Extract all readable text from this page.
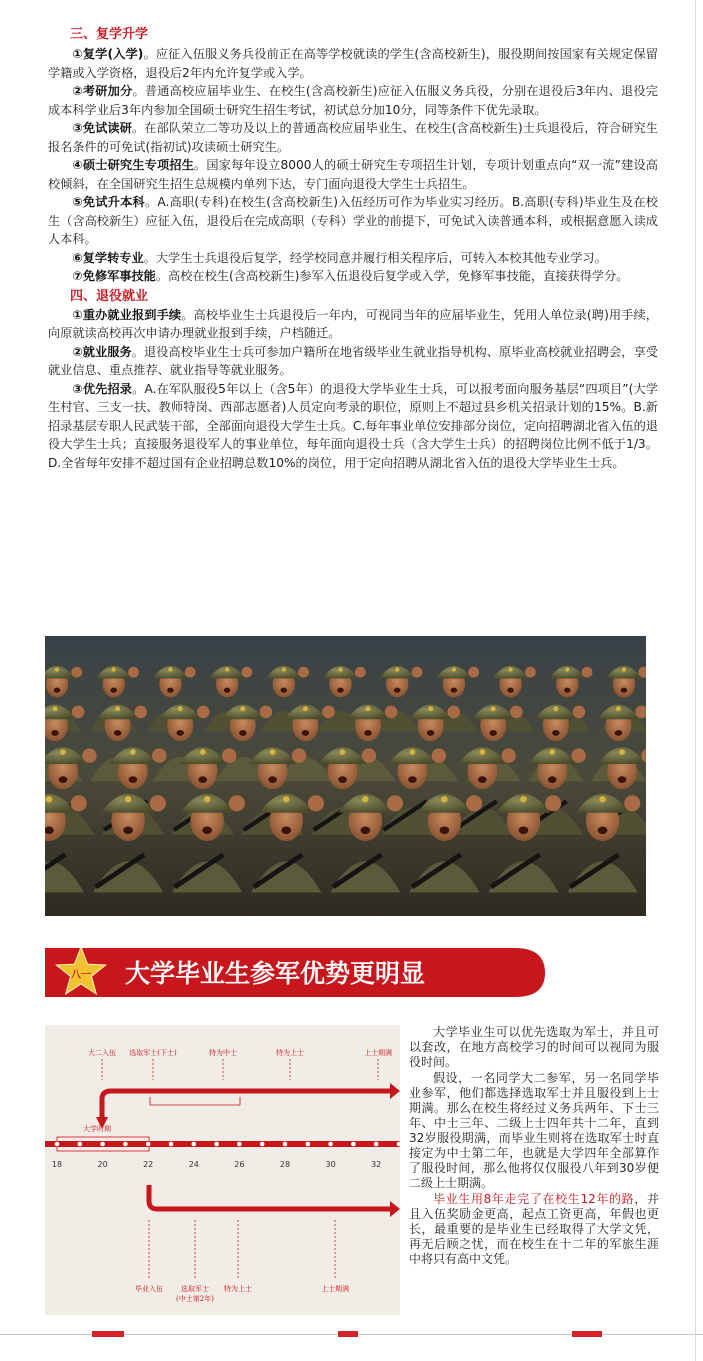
三、复学升学
①复学(入学)。应征入伍服义务兵役前正在高等学校就读的学生(含高校新生)，服役期间按国家有关规定保留学籍或入学资格，退役后2年内允许复学或入学。
②考研加分。普通高校应届毕业生、在校生(含高校新生)应征入伍服义务兵役，分别在退役后3年内、退役完成本科学业后3年内参加全国硕士研究生招生考试，初试总分加10分，同等条件下优先录取。
③免试读研。在部队荣立二等功及以上的普通高校应届毕业生、在校生(含高校新生)士兵退役后，符合研究生报名条件的可免试(指初试)攻读硕士研究生。
④硕士研究生专项招生。国家每年设立8000人的硕士研究生专项招生计划，专项计划重点向“双一流”建设高校倾斜，在全国研究生招生总规模内单列下达，专门面向退役大学生士兵招生。
⑤免试升本科。A.高职(专科)在校生(含高校新生)入伍经历可作为毕业实习经历。B.高职(专科)毕业生及在校生（含高校新生）应征入伍，退役后在完成高职（专科）学业的前提下，可免试入读普通本科，或根据意愿入读成人本科。
⑥复学转专业。大学生士兵退役后复学，经学校同意并履行相关程序后，可转入本校其他专业学习。
⑦免修军事技能。高校在校生(含高校新生)参军入伍退役后复学或入学，免修军事技能，直接获得学分。
四、退役就业
①重办就业报到手续。高校毕业生士兵退役后一年内，可视同当年的应届毕业生，凭用人单位录(聘)用手续，向原就读高校再次申请办理就业报到手续，户档随迁。
②就业服务。退役高校毕业生士兵可参加户籍所在地省级毕业生就业指导机构、原毕业高校就业招聘会，享受就业信息、重点推荐、就业指导等就业服务。
③优先招录。A.在军队服役5年以上（含5年）的退役大学毕业生士兵，可以报考面向服务基层“四项目”(大学生村官、三支一扶、教师特岗、西部志愿者)人员定向考录的职位，原则上不超过县乡机关招录计划的15%。B.新招录基层专职人民武装干部，全部面向退役大学生士兵。C.每年事业单位安排部分岗位，定向招聘湖北省入伍的退役大学生士兵；直接服务退役军人的事业单位，每年面向退役士兵（含大学生士兵）的招聘岗位比例不低于1/3。D.全省每年安排不超过国有企业招聘总数10%的岗位，用于定向招聘从湖北省入伍的退役大学毕业生士兵。
八一 大学毕业生参军优势更明显
大二入伍 选取军士(下士)	特为中士	特为上士	上士期满
大学时期
18	20	22	24	26	28	30	32
毕业入伍	选取军士
(中士第2年)
特为上士	上士期满

大学毕业生可以优先选取为军士，并且可以套改，在地方高校学习的时间可以视同为服役时间。

假设，一名同学大二参军，另一名同学毕业参军，他们都选择选取军士并且服役到上士期满。那么在校生将经过义务兵两年、下士三年、中士三年、二级上士四年共十二年，直到32岁服役期满，而毕业生则将在选取军士时直接定为中士第二年，也就是大学四年全部算作了服役时间，那么他将仅仅服役八年到30岁便二级上士期满。

毕业生用8年走完了在校生12年的路，并且入伍奖励金更高，起点工资更高，年假也更长，最重要的是毕业生已经取得了大学文凭，再无后顾之忧，而在校生在十二年的军旅生涯中将只有高中文凭。
